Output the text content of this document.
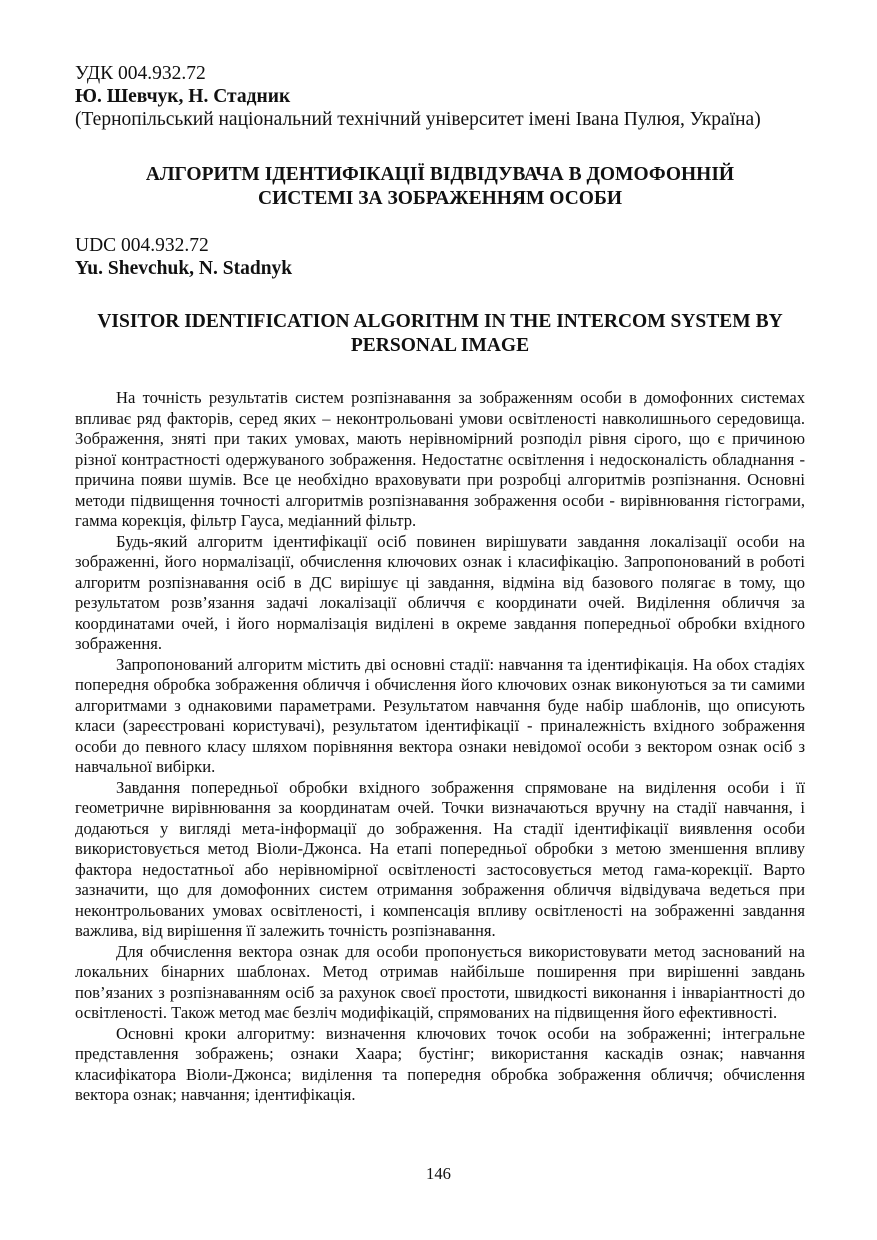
УДК 004.932.72

Ю. Шевчук, Н. Стадник

(Тернопільський національний технічний університет імені Івана Пулюя, Україна)

АЛГОРИТМ ІДЕНТИФІКАЦІЇ ВІДВІДУВАЧА В ДОМОФОННІЙ

СИСТЕМІ ЗА ЗОБРАЖЕННЯМ ОСОБИ

UDC 004.932.72

Yu. Shevchuk, N. Stadnyk

VISITOR IDENTIFICATION ALGORITHM IN THE INTERCOM SYSTEM BY

PERSONAL IMAGE

На точність результатів систем розпізнавання за зображенням особи в домофонних системах впливає ряд факторів, серед яких – неконтрольовані умови освітленості навколишнього середовища. Зображення, зняті при таких умовах, мають нерівномірний розподіл рівня сірого, що є причиною різної контрастності одержуваного зображення. Недостатнє освітлення і недосконалість обладнання - причина появи шумів. Все це необхідно враховувати при розробці алгоритмів розпізнання. Основні методи підвищення точності алгоритмів розпізнавання зображення особи - вирівнювання гістограми, гамма корекція, фільтр Гауса, медіанний фільтр.

Будь-який алгоритм ідентифікації осіб повинен вирішувати завдання локалізації особи на зображенні, його нормалізації, обчислення ключових ознак і класифікацію. Запропонований в роботі алгоритм розпізнавання осіб в ДС вирішує ці завдання, відміна від базового полягає в тому, що результатом розв’язання задачі локалізації обличчя є координати очей. Виділення обличчя за координатами очей, і його нормалізація виділені в окреме завдання попередньої обробки вхідного зображення.

Запропонований алгоритм містить дві основні стадії: навчання та ідентифікація. На обох стадіях попередня обробка зображення обличчя і обчислення його ключових ознак виконуються за ти самими алгоритмами з однаковими параметрами. Результатом навчання буде набір шаблонів, що описують класи (зареєстровані користувачі), результатом ідентифікації - приналежність вхідного зображення особи до певного класу шляхом порівняння вектора ознаки невідомої особи з вектором ознак осіб з навчальної вибірки.

Завдання попередньої обробки вхідного зображення спрямоване на виділення особи і її геометричне вирівнювання за координатам очей. Точки визначаються вручну на стадії навчання, і додаються у вигляді мета-інформації до зображення. На стадії ідентифікації виявлення особи використовується метод Віоли-Джонса. На етапі попередньої обробки з метою зменшення впливу фактора недостатньої або нерівномірної освітленості застосовується метод гама-корекції. Варто зазначити, що для домофонних систем отримання зображення обличчя відвідувача ведеться при неконтрольованих умовах освітленості, і компенсація впливу освітленості на зображенні завдання важлива, від вирішення її залежить точність розпізнавання.

Для обчислення вектора ознак для особи пропонується використовувати метод заснований на локальних бінарних шаблонах. Метод отримав найбільше поширення при вирішенні завдань пов’язаних з розпізнаванням осіб за рахунок своєї простоти, швидкості виконання і інваріантності до освітленості. Також метод має безліч модифікацій, спрямованих на підвищення його ефективності.

Основні кроки алгоритму: визначення ключових точок особи на зображенні; інтегральне представлення зображень; ознаки Хаара; бустінг; використання каскадів ознак; навчання класифікатора Віоли-Джонса; виділення та попередня обробка зображення обличчя; обчислення вектора ознак; навчання; ідентифікація.

146
